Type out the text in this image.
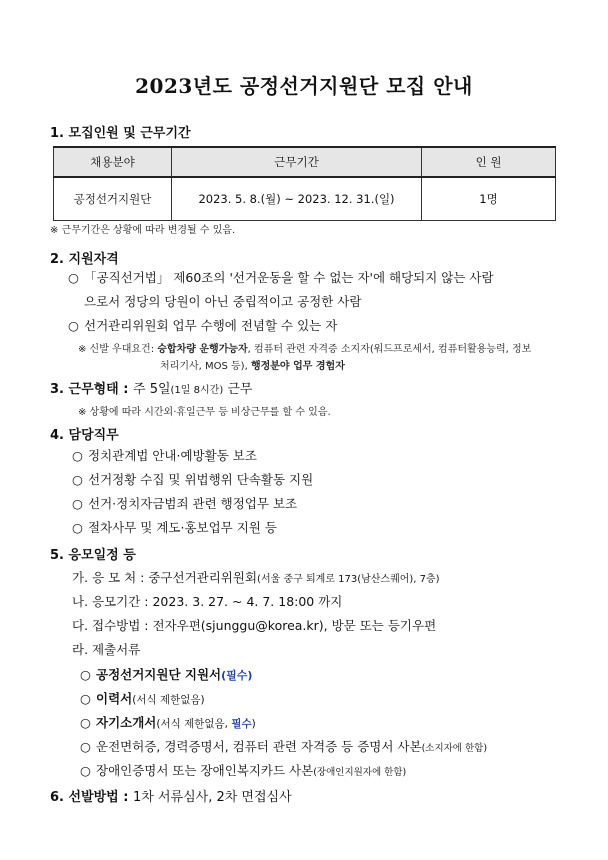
2023년도 공정선거지원단 모집 안내
1. 모집인원 및 근무기간
채용분야	근무기간	인 원
공정선거지원단	2023. 5. 8.(월) ~ 2023. 12. 31.(일)	1명
※ 근무기간은 상황에 따라 변경될 수 있음.
2. 지원자격
○ 「공직선거법」 제60조의 '선거운동을 할 수 없는 자'에 해당되지 않는 사람
으로서 정당의 당원이 아닌 중립적이고 공정한 사람
○ 선거관리위원회 업무 수행에 전념할 수 있는 자
※ 신발 우대요건: 승합차량 운행가능자, 컴퓨터 관련 자격증 소지자(워드프로세서, 컴퓨터활용능력, 정보
처리기사, MOS 등), 행정분야 업무 경험자
3. 근무형태 : 주 5일(1일 8시간) 근무
※ 상황에 따라 시간외·휴일근무 등 비상근무를 할 수 있음.
4. 담당직무
○ 정치관계법 안내·예방활동 보조
○ 선거정황 수집 및 위법행위 단속활동 지원
○ 선거·정치자금범죄 관련 행정업무 보조
○ 절차사무 및 계도·홍보업무 지원 등
5. 응모일정 등
가. 응 모 처 : 중구선거관리위원회(서울 중구 퇴계로 173(남산스퀘어), 7층)
나. 응모기간 : 2023. 3. 27. ~ 4. 7. 18:00 까지
다. 접수방법 : 전자우편(sjunggu@korea.kr), 방문 또는 등기우편
라. 제출서류
○ 공정선거지원단 지원서(필수)
○ 이력서(서식 제한없음)
○ 자기소개서(서식 제한없음, 필수)
○ 운전면허증, 경력증명서, 컴퓨터 관련 자격증 등 증명서 사본(소지자에 한함)
○ 장애인증명서 또는 장애인복지카드 사본(장애인지원자에 한함)
6. 선발방법 : 1차 서류심사, 2차 면접심사
